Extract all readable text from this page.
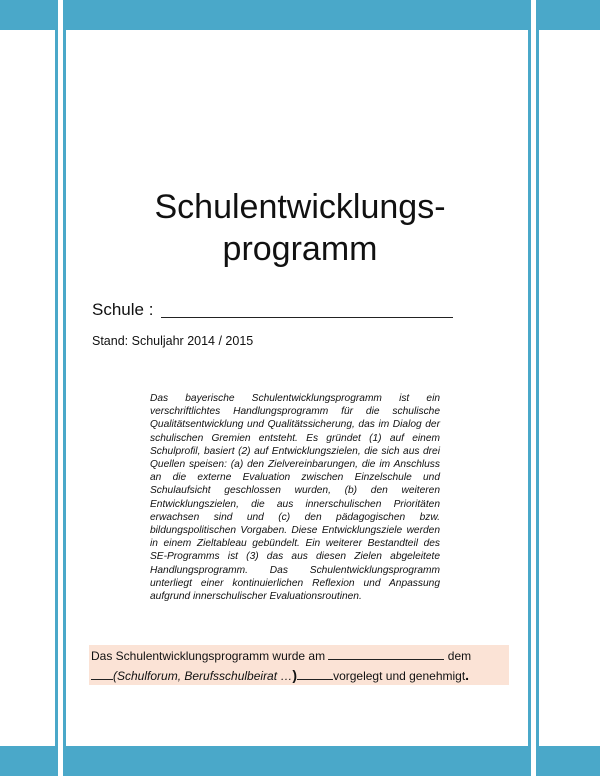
Schulentwicklungs-
programm
Schule :
Stand: Schuljahr 2014 / 2015
Das bayerische Schulentwicklungsprogramm ist ein verschriftlichtes Handlungsprogramm für die schulische Qualitätsentwicklung und Qualitätssicherung, das im Dialog der schulischen Gremien entsteht. Es gründet (1) auf einem Schulprofil, basiert (2) auf Entwicklungszielen, die sich aus drei Quellen speisen: (a) den Zielvereinbarungen, die im Anschluss an die externe Evaluation zwischen Einzelschule und Schulaufsicht geschlossen wurden, (b) den weiteren Entwicklungszielen, die aus innerschulischen Prioritäten erwachsen sind und (c) den pädagogischen bzw. bildungspolitischen Vorgaben. Diese Entwicklungsziele werden in einem Zieltableau gebündelt. Ein weiterer Bestandteil des SE-Programms ist (3) das aus diesen Zielen abgeleitete Handlungsprogramm. Das Schulentwicklungsprogramm unterliegt einer kontinuierlichen Reflexion und Anpassung aufgrund innerschulischer Evaluationsroutinen.
Das Schulentwicklungsprogramm wurde am	dem
(Schulforum, Berufsschulbeirat …)	vorgelegt und genehmigt.
